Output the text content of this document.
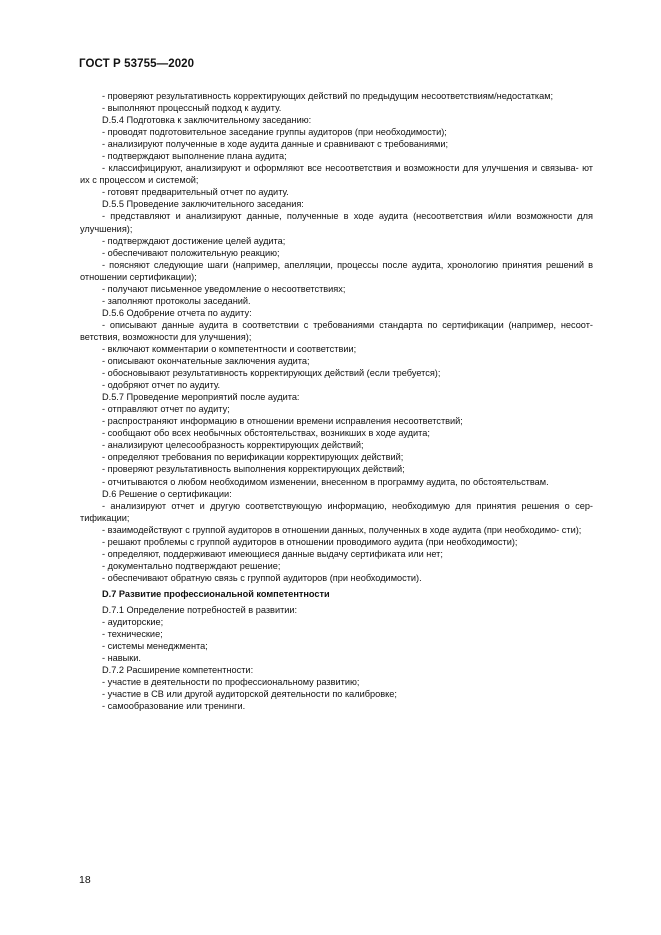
ГОСТ Р 53755—2020

- проверяют результативность корректирующих действий по предыдущим несоответствиям/недостаткам;

- выполняют процессный подход к аудиту.

D.5.4 Подготовка к заключительному заседанию:

- проводят подготовительное заседание группы аудиторов (при необходимости);

- анализируют полученные в ходе аудита данные и сравнивают с требованиями;

- подтверждают выполнение плана аудита;

- классифицируют, анализируют и оформляют все несоответствия и возможности для улучшения и связыва- ют их с процессом и системой;

- готовят предварительный отчет по аудиту.

D.5.5 Проведение заключительного заседания:

- представляют и анализируют данные, полученные в ходе аудита (несоответствия и/или возможности для улучшения);

- подтверждают достижение целей аудита;

- обеспечивают положительную реакцию;

- поясняют следующие шаги (например, апелляции, процессы после аудита, хронологию принятия решений в отношении сертификации);

- получают письменное уведомление о несоответствиях;

- заполняют протоколы заседаний.

D.5.6 Одобрение отчета по аудиту:

- описывают данные аудита в соответствии с требованиями стандарта по сертификации (например, несоот- ветствия, возможности для улучшения);

- включают комментарии о компетентности и соответствии;

- описывают окончательные заключения аудита;

- обосновывают результативность корректирующих действий (если требуется);

- одобряют отчет по аудиту.

D.5.7 Проведение мероприятий после аудита:

- отправляют отчет по аудиту;

- распространяют информацию в отношении времени исправления несоответствий;

- сообщают обо всех необычных обстоятельствах, возникших в ходе аудита;

- анализируют целесообразность корректирующих действий;

- определяют требования по верификации корректирующих действий;

- проверяют результативность выполнения корректирующих действий;

- отчитываются о любом необходимом изменении, внесенном в программу аудита, по обстоятельствам.

D.6 Решение о сертификации:

- анализируют отчет и другую соответствующую информацию, необходимую для принятия решения о сер- тификации;

- взаимодействуют с группой аудиторов в отношении данных, полученных в ходе аудита (при необходимо- сти);

- решают проблемы с группой аудиторов в отношении проводимого аудита (при необходимости);

- определяют, поддерживают имеющиеся данные выдачу сертификата или нет;

- документально подтверждают решение;

- обеспечивают обратную связь с группой аудиторов (при необходимости).

D.7 Развитие профессиональной компетентности

D.7.1 Определение потребностей в развитии:

- аудиторские;

- технические;

- системы менеджмента;

- навыки.

D.7.2 Расширение компетентности:

- участие в деятельности по профессиональному развитию;

- участие в СВ или другой аудиторской деятельности по калибровке;

- самообразование или тренинги.

18
